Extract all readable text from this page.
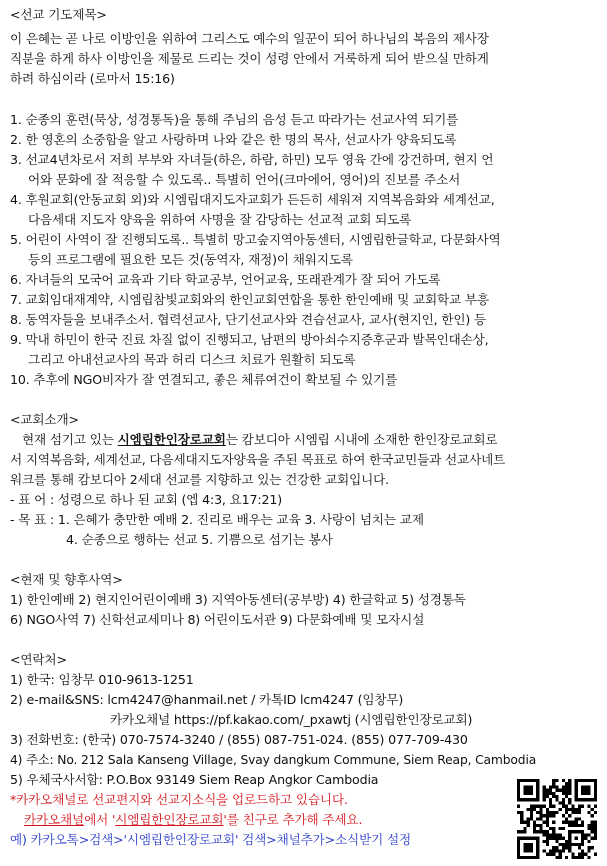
<선교 기도제목>
이 은혜는 곧 나로 이방인을 위하여 그리스도 예수의 일꾼이 되어 하나님의 복음의 제사장
직분을 하게 하사 이방인을 제물로 드리는 것이 성령 안에서 거룩하게 되어 받으실 만하게
하려 하심이라 (로마서 15:16)
1. 순종의 훈련(묵상, 성경통독)을 통해 주님의 음성 듣고 따라가는 선교사역 되기를
2. 한 영혼의 소중함을 알고 사랑하며 나와 같은 한 명의 목사, 선교사가 양육되도록
3. 선교4년차로서 저희 부부와 자녀들(하은, 하람, 하민) 모두 영육 간에 강건하며, 현지 언
어와 문화에 잘 적응할 수 있도록.. 특별히 언어(크마에어, 영어)의 진보를 주소서
4. 후원교회(안동교회 외)와 시엠립대지도자교회가 든든히 세워져 지역복음화와 세계선교,
다음세대 지도자 양육을 위하여 사명을 잘 감당하는 선교적 교회 되도록
5. 어린이 사역이 잘 진행되도록.. 특별히 망고숲지역아동센터, 시엠립한글학교, 다문화사역
등의 프로그램에 필요한 모든 것(동역자, 재정)이 채워지도록
6. 자녀들의 모국어 교육과 기타 학교공부, 언어교육, 또래관계가 잘 되어 가도록
7. 교회임대재계약, 시엠립참빛교회와의 한인교회연합을 통한 한인예배 및 교회학교 부흥
8. 동역자들을 보내주소서. 협력선교사, 단기선교사와 견습선교사, 교사(현지인, 한인) 등
9. 막내 하민이 한국 진료 차질 없이 진행되고, 남편의 방아쇠수지증후군과 발목인대손상,
그리고 아내선교사의 목과 허리 디스크 치료가 원활히 되도록
10. 추후에 NGO비자가 잘 연결되고, 좋은 체류여건이 확보될 수 있기를
<교회소개>
현재 섬기고 있는 시엠립한인장로교회는 캄보디아 시엠립 시내에 소재한 한인장로교회로
서 지역복음화, 세계선교, 다음세대지도자양육을 주된 목표로 하여 한국교민들과 선교사네트
워크를 통해 캄보디아 2세대 선교를 지향하고 있는 건강한 교회입니다.
- 표 어 : 성령으로 하나 된 교회 (엡 4:3, 요17:21)
- 목 표 : 1. 은혜가 충만한 예배 2. 진리로 배우는 교육 3. 사랑이 넘치는 교제
4. 순종으로 행하는 선교 5. 기쁨으로 섬기는 봉사
<현재 및 향후사역>
1) 한인예배 2) 현지인어린이예배 3) 지역아동센터(공부방) 4) 한글학교 5) 성경통독
6) NGO사역 7) 신학선교세미나 8) 어린이도서관 9) 다문화예배 및 모자시설
<연락처>
1) 한국: 임창무 010-9613-1251
2) e-mail&SNS: lcm4247@hanmail.net / 카톡ID lcm4247 (임창무)
카카오채널 https://pf.kakao.com/_pxawtj (시엠립한인장로교회)
3) 전화번호: (한국) 070-7574-3240 / (855) 087-751-024. (855) 077-709-430
4) 주소: No. 212 Sala Kanseng Village, Svay dangkum Commune, Siem Reap, Cambodia
5) 우체국사서함: P.O.Box 93149 Siem Reap Angkor Cambodia
*카카오채널로 선교편지와 선교지소식을 업로드하고 있습니다.
카카오채널에서 '시엠립한인장로교회'를 친구로 추가해 주세요.
예) 카카오톡>검색>'시엠립한인장로교회' 검색>채널추가>소식받기 설정
